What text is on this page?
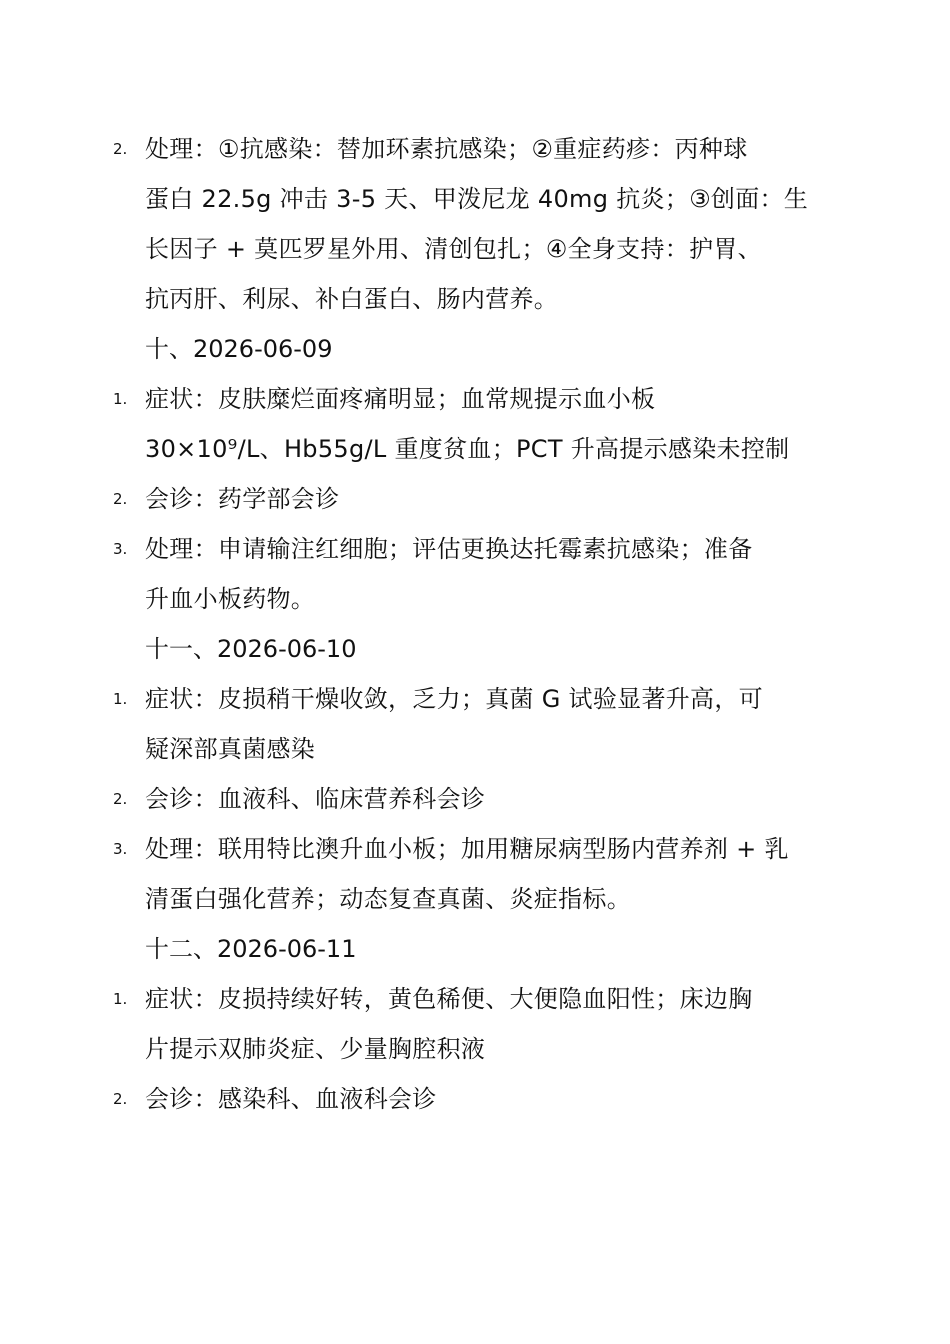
2. 处理：①抗感染：替加环素抗感染；②重症药疹：丙种球
蛋白 22.5g 冲击 3-5 天、甲泼尼龙 40mg 抗炎；③创面：生
长因子 + 莫匹罗星外用、清创包扎；④全身支持：护胃、
抗丙肝、利尿、补白蛋白、肠内营养。
十、2026-06-09
1. 症状：皮肤糜烂面疼痛明显；血常规提示血小板
30×10⁹/L、Hb55g/L 重度贫血；PCT 升高提示感染未控制
2. 会诊：药学部会诊
3. 处理：申请输注红细胞；评估更换达托霉素抗感染；准备
升血小板药物。
十一、2026-06-10
1. 症状：皮损稍干燥收敛，乏力；真菌 G 试验显著升高，可
疑深部真菌感染
2. 会诊：血液科、临床营养科会诊
3. 处理：联用特比澳升血小板；加用糖尿病型肠内营养剂 + 乳
清蛋白强化营养；动态复查真菌、炎症指标。
十二、2026-06-11
1. 症状：皮损持续好转，黄色稀便、大便隐血阳性；床边胸
片提示双肺炎症、少量胸腔积液
2. 会诊：感染科、血液科会诊
